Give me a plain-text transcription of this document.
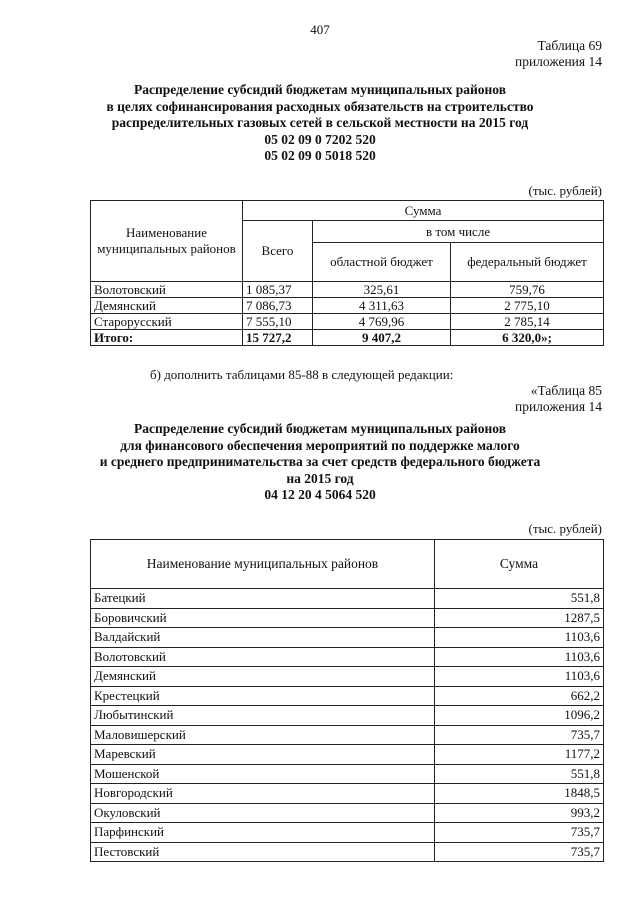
407
Таблица 69
приложения 14
Распределение субсидий бюджетам муниципальных районов
в целях софинансирования расходных обязательств на строительство
распределительных газовых сетей в сельской местности на 2015 год
05 02 09 0 7202 520
05 02 09 0 5018 520
(тыс. рублей)
Наименование муниципальных районов	Сумма		
	Всего	в том числе	
		областной бюджет	федеральный бюджет
Волотовский	1 085,37	325,61	759,76
Демянский	7 086,73	4 311,63	2 775,10
Старорусский	7 555,10	4 769,96	2 785,14
Итого:	15 727,2	9 407,2	6 320,0»;
б) дополнить таблицами 85-88 в следующей редакции:
«Таблица 85
приложения 14
Распределение субсидий бюджетам муниципальных районов
для финансового обеспечения мероприятий по поддержке малого
и среднего предпринимательства за счет средств федерального бюджета
на 2015 год
04 12 20 4 5064 520
(тыс. рублей)
Наименование муниципальных районов	Сумма
Батецкий	551,8
Боровичский	1287,5
Валдайский	1103,6
Волотовский	1103,6
Демянский	1103,6
Крестецкий	662,2
Любытинский	1096,2
Маловишерский	735,7
Маревский	1177,2
Мошенской	551,8
Новгородский	1848,5
Окуловский	993,2
Парфинский	735,7
Пестовский	735,7
